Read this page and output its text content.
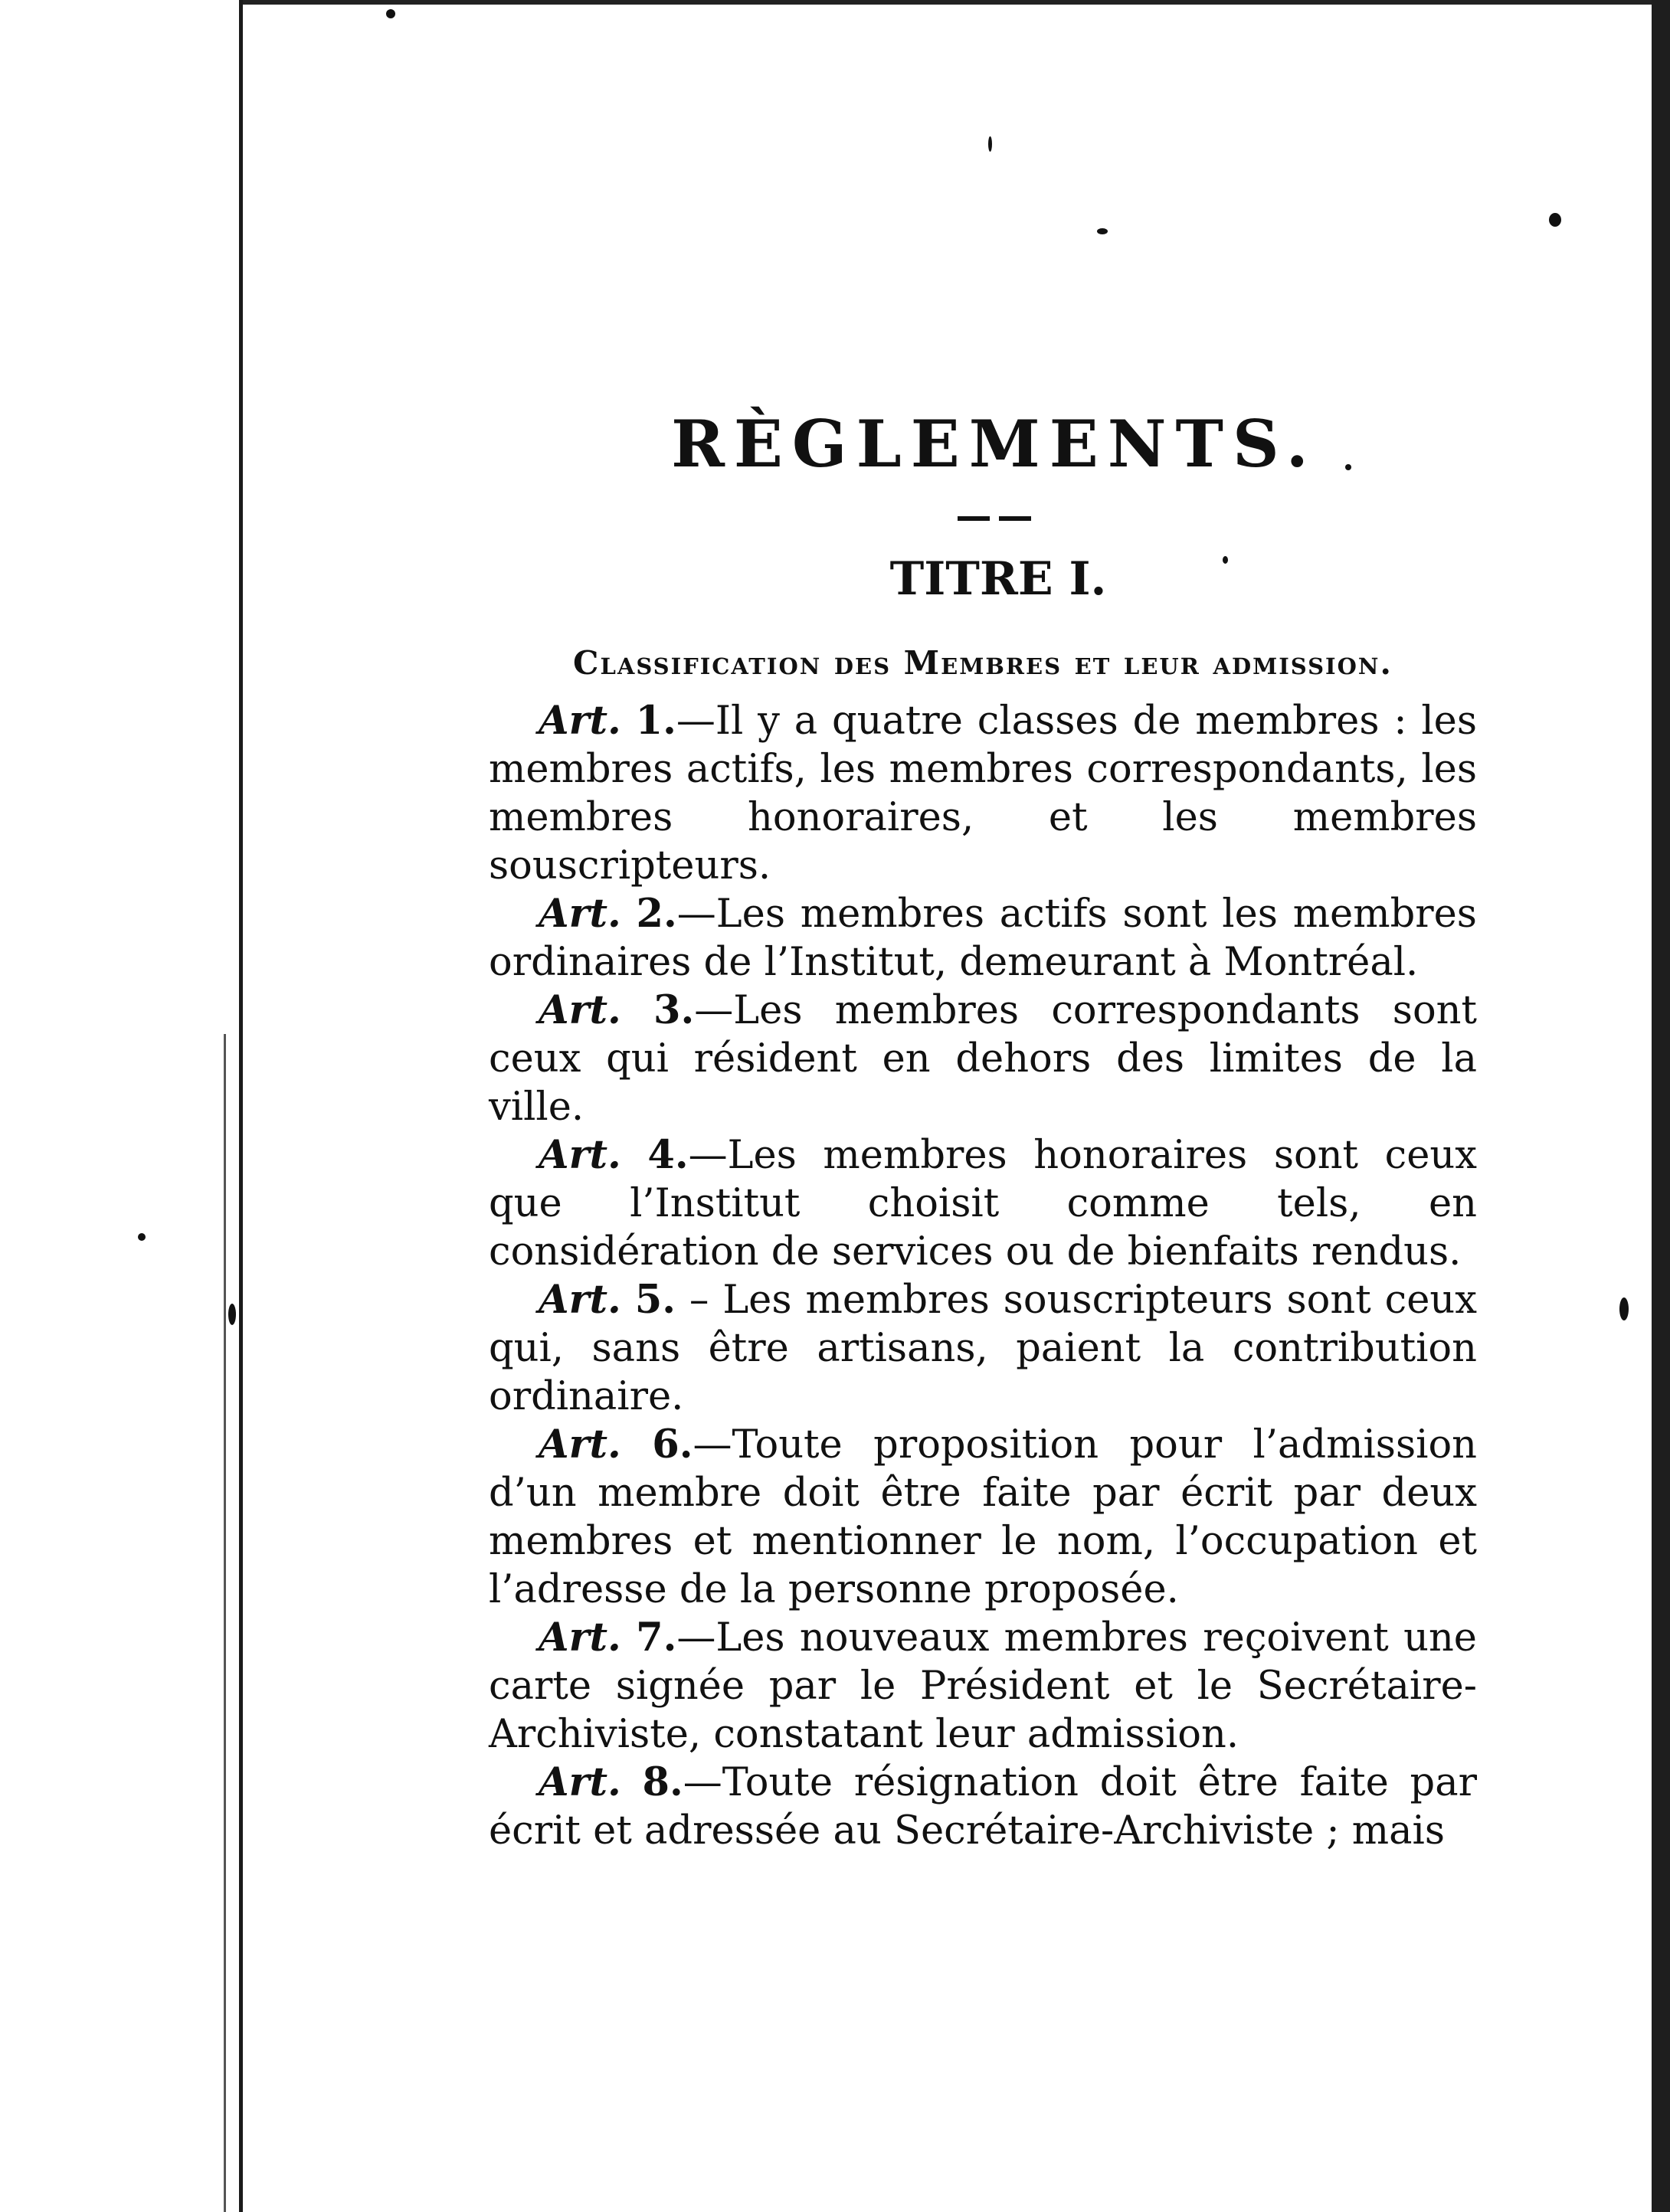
RÈGLEMENTS.
TITRE I.
Classification des Membres et leur admission.

Art. 1.—Il y a quatre classes de membres : les membres actifs, les membres correspondants, les membres honoraires, et les membres souscripteurs.

Art. 2.—Les membres actifs sont les membres ordinaires de l’Institut, demeurant à Montréal.

Art. 3.—Les membres correspondants sont ceux qui résident en dehors des limites de la ville.

Art. 4.—Les membres honoraires sont ceux que l’Institut choisit comme tels, en considération de services ou de bienfaits rendus.

Art. 5. – Les membres souscripteurs sont ceux qui, sans être artisans, paient la contribution ordinaire.

Art. 6.—Toute proposition pour l’admission d’un membre doit être faite par écrit par deux membres et mentionner le nom, l’occupation et l’adresse de la personne proposée.

Art. 7.—Les nouveaux membres reçoivent une carte signée par le Président et le Secrétaire-Archiviste, constatant leur admission.

Art. 8.—Toute résignation doit être faite par écrit et adressée au Secrétaire-Archiviste ; mais
